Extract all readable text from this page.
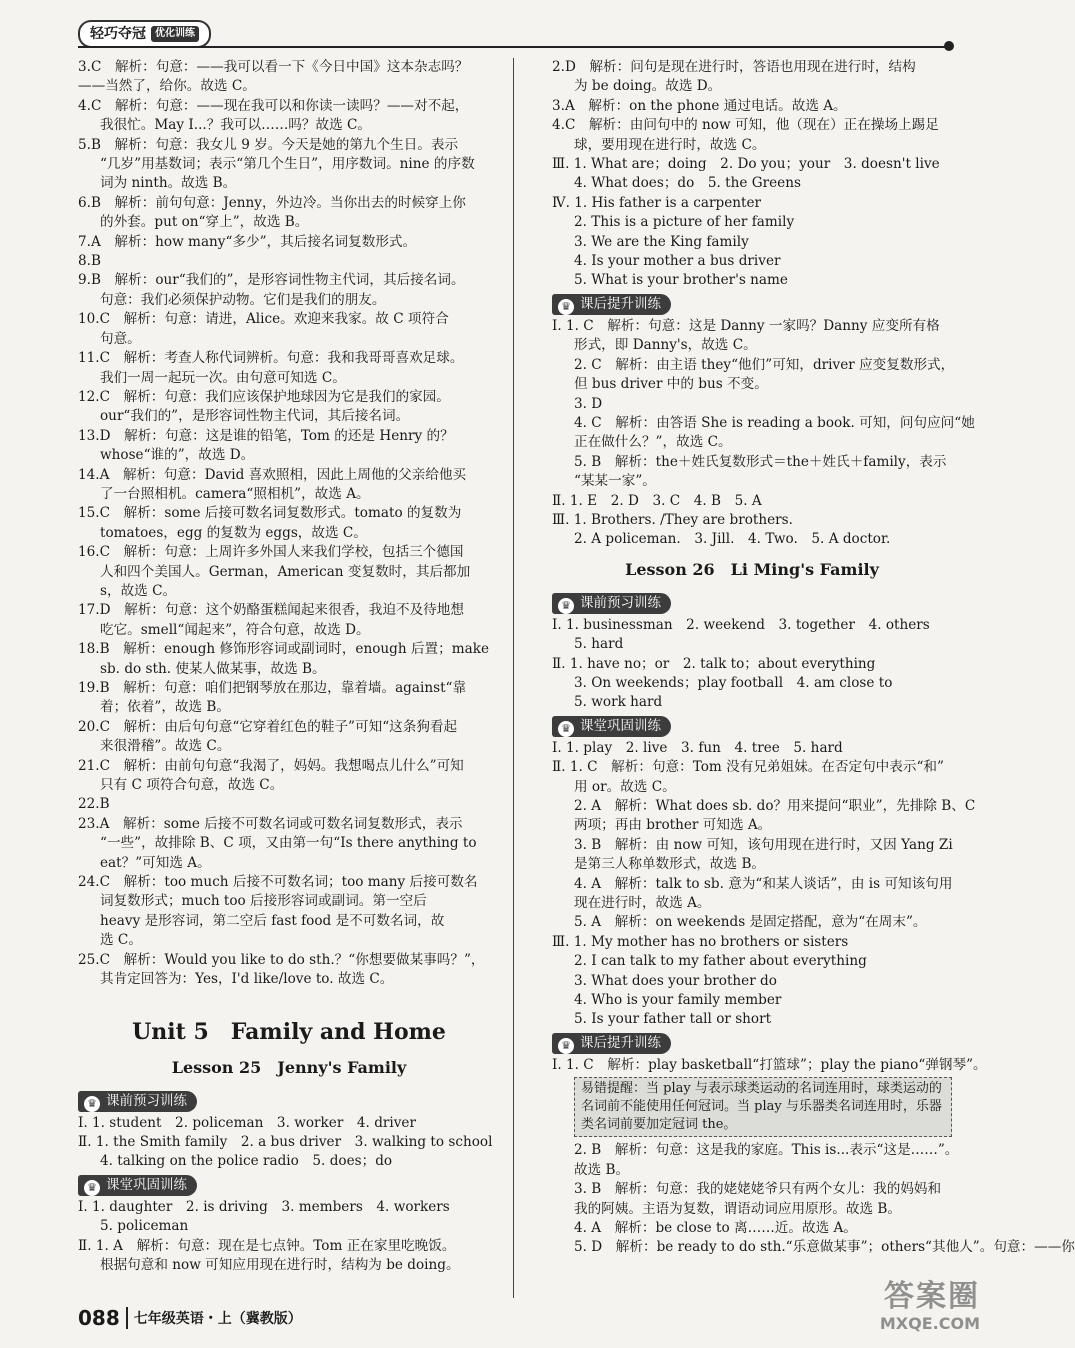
轻巧夺冠 优化训练
3.C　解析：句意：——我可以看一下《今日中国》这本杂志吗？
——当然了，给你。故选 C。
4.C　解析：句意：——现在我可以和你读一读吗？——对不起，
我很忙。May I...？我可以……吗？故选 C。
5.B　解析：句意：我女儿 9 岁。今天是她的第九个生日。表示
“几岁”用基数词；表示“第几个生日”，用序数词。nine 的序数
词为 ninth。故选 B。
6.B　解析：前句句意：Jenny，外边冷。当你出去的时候穿上你
的外套。put on“穿上”，故选 B。
7.A　解析：how many“多少”，其后接名词复数形式。
8.B
9.B　解析：our“我们的”，是形容词性物主代词，其后接名词。
句意：我们必须保护动物。它们是我们的朋友。
10.C　解析：句意：请进，Alice。欢迎来我家。故 C 项符合
句意。
11.C　解析：考查人称代词辨析。句意：我和我哥哥喜欢足球。
我们一周一起玩一次。由句意可知选 C。
12.C　解析：句意：我们应该保护地球因为它是我们的家园。
our“我们的”，是形容词性物主代词，其后接名词。
13.D　解析：句意：这是谁的铅笔，Tom 的还是 Henry 的？
whose“谁的”，故选 D。
14.A　解析：句意：David 喜欢照相，因此上周他的父亲给他买
了一台照相机。camera“照相机”，故选 A。
15.C　解析：some 后接可数名词复数形式。tomato 的复数为
tomatoes，egg 的复数为 eggs，故选 C。
16.C　解析：句意：上周许多外国人来我们学校，包括三个德国
人和四个美国人。German，American 变复数时，其后都加
s，故选 C。
17.D　解析：句意：这个奶酪蛋糕闻起来很香，我迫不及待地想
吃它。smell“闻起来”，符合句意，故选 D。
18.B　解析：enough 修饰形容词或副词时，enough 后置；make
sb. do sth. 使某人做某事，故选 B。
19.B　解析：句意：咱们把钢琴放在那边，靠着墙。against“靠
着；依着”，故选 B。
20.C　解析：由后句句意“它穿着红色的鞋子”可知“这条狗看起
来很滑稽”。故选 C。
21.C　解析：由前句句意“我渴了，妈妈。我想喝点儿什么”可知
只有 C 项符合句意，故选 C。
22.B
23.A　解析：some 后接不可数名词或可数名词复数形式，表示
“一些”，故排除 B、C 项，又由第一句“Is there anything to
eat？”可知选 A。
24.C　解析：too much 后接不可数名词；too many 后接可数名
词复数形式；much too 后接形容词或副词。第一空后
heavy 是形容词，第二空后 fast food 是不可数名词，故
选 C。
25.C　解析：Would you like to do sth.？“你想要做某事吗？”，
其肯定回答为：Yes，I'd like/love to. 故选 C。
Unit 5　Family and Home
Lesson 25　Jenny's Family
♛ 课前预习训练
Ⅰ. 1. student　2. policeman　3. worker　4. driver
Ⅱ. 1. the Smith family　2. a bus driver　3. walking to school
4. talking on the police radio　5. does；do
♛ 课堂巩固训练
Ⅰ. 1. daughter　2. is driving　3. members　4. workers
5. policeman
Ⅱ. 1. A　解析：句意：现在是七点钟。Tom 正在家里吃晚饭。
根据句意和 now 可知应用现在进行时，结构为 be doing。
2.D　解析：问句是现在进行时，答语也用现在进行时，结构
为 be doing。故选 D。
3.A　解析：on the phone 通过电话。故选 A。
4.C　解析：由问句中的 now 可知，他（现在）正在操场上踢足
球，要用现在进行时，故选 C。
Ⅲ. 1. What are；doing　2. Do you；your　3. doesn't live
4. What does；do　5. the Greens
Ⅳ. 1. His father is a carpenter
2. This is a picture of her family
3. We are the King family
4. Is your mother a bus driver
5. What is your brother's name
♛ 课后提升训练
Ⅰ. 1. C　解析：句意：这是 Danny 一家吗？Danny 应变所有格
形式，即 Danny's，故选 C。
2. C　解析：由主语 they“他们”可知，driver 应变复数形式，
但 bus driver 中的 bus 不变。
3. D
4. C　解析：由答语 She is reading a book. 可知，问句应问“她
正在做什么？”，故选 C。
5. B　解析：the＋姓氏复数形式＝the＋姓氏＋family，表示
“某某一家”。
Ⅱ. 1. E　2. D　3. C　4. B　5. A
Ⅲ. 1. Brothers. /They are brothers.
2. A policeman.　3. Jill.　4. Two.　5. A doctor.
Lesson 26　Li Ming's Family
♛ 课前预习训练
Ⅰ. 1. businessman　2. weekend　3. together　4. others
5. hard
Ⅱ. 1. have no；or　2. talk to；about everything
3. On weekends；play football　4. am close to
5. work hard
♛ 课堂巩固训练
Ⅰ. 1. play　2. live　3. fun　4. tree　5. hard
Ⅱ. 1. C　解析：句意：Tom 没有兄弟姐妹。在否定句中表示“和”
用 or。故选 C。
2. A　解析：What does sb. do？用来提问“职业”，先排除 B、C
两项；再由 brother 可知选 A。
3. B　解析：由 now 可知，该句用现在进行时，又因 Yang Zi
是第三人称单数形式，故选 B。
4. A　解析：talk to sb. 意为“和某人谈话”，由 is 可知该句用
现在进行时，故选 A。
5. A　解析：on weekends 是固定搭配，意为“在周末”。
Ⅲ. 1. My mother has no brothers or sisters
2. I can talk to my father about everything
3. What does your brother do
4. Who is your family member
5. Is your father tall or short
♛ 课后提升训练
Ⅰ. 1. C　解析：play basketball“打篮球”；play the piano“弹钢琴”。
易错提醒：当 play 与表示球类运动的名词连用时，球类运动的名词前不能使用任何冠词。当 play 与乐器类名词连用时，乐器类名词前要加定冠词 the。
2. B　解析：句意：这是我的家庭。This is...表示“这是……”。
故选 B。
3. B　解析：句意：我的姥姥姥爷只有两个女儿：我的妈妈和
我的阿姨。主语为复数，谓语动词应用原形。故选 B。
4. A　解析：be close to 离……近。故选 A。
5. D　解析：be ready to do sth.“乐意做某事”；others“其他人”。句意：——你
088 七年级英语・上（冀教版）
答案圈
MXQE.COM
